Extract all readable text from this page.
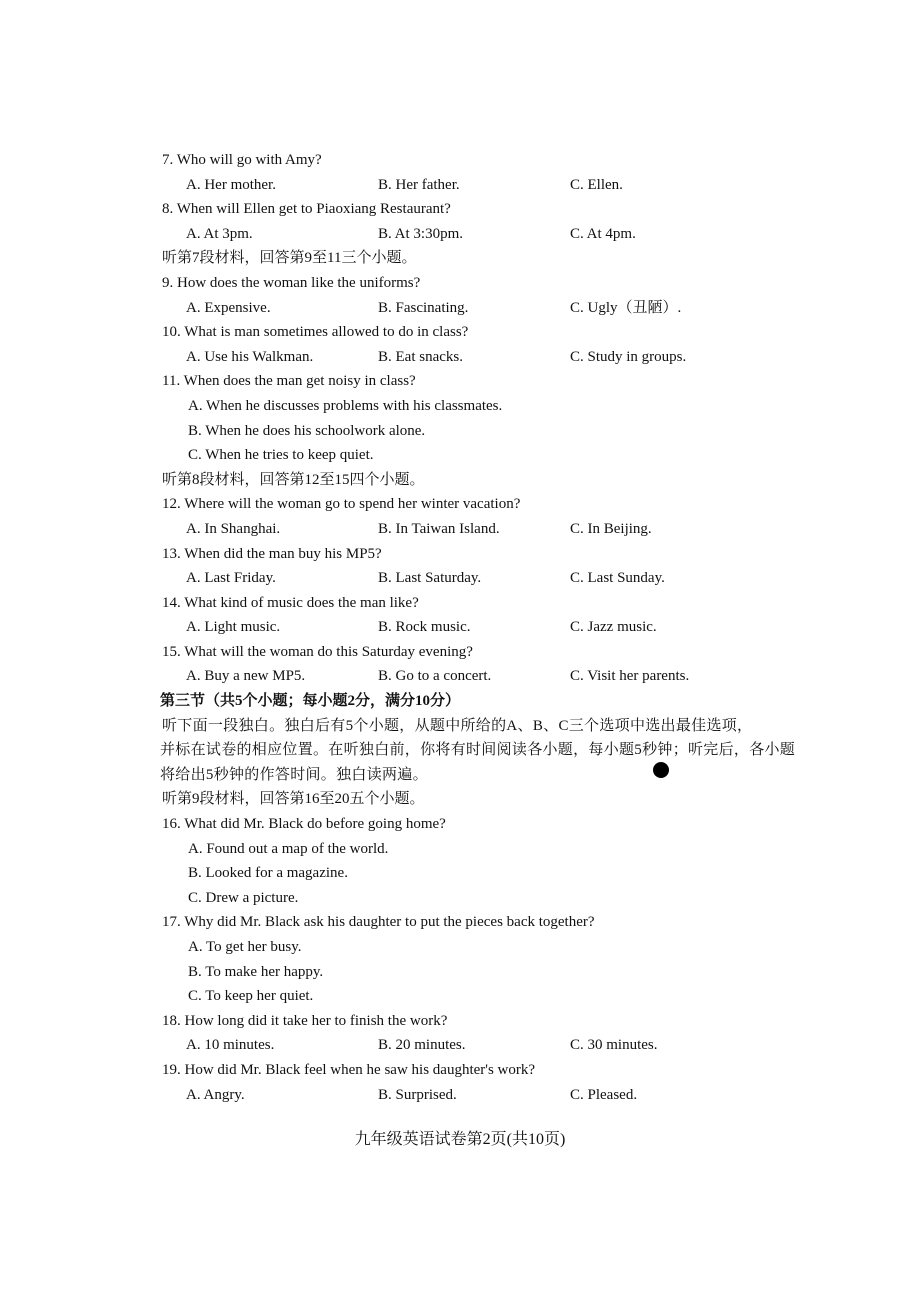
7. Who will go with Amy?
A. Her mother.	B. Her father.	C. Ellen.
8. When will Ellen get to Piaoxiang Restaurant?
A. At 3pm.	B. At 3:30pm.	C. At 4pm.
听第7段材料，回答第9至11三个小题。
9. How does the woman like the uniforms?
A. Expensive.	B. Fascinating.	C. Ugly（丑陋）.
10. What is man sometimes allowed to do in class?
A. Use his Walkman.	B. Eat snacks.	C. Study in groups.
11. When does the man get noisy in class?
A. When he discusses problems with his classmates.
B. When he does his schoolwork alone.
C. When he tries to keep quiet.
听第8段材料，回答第12至15四个小题。
12. Where will the woman go to spend her winter vacation?
A. In Shanghai.	B. In Taiwan Island.	C. In Beijing.
13. When did the man buy his MP5?
A. Last Friday.	B. Last Saturday.	C. Last Sunday.
14. What kind of music does the man like?
A. Light music.	B. Rock music.	C. Jazz music.
15. What will the woman do this Saturday evening?
A. Buy a new MP5.	B. Go to a concert.	C. Visit her parents.
第三节（共5个小题；每小题2分，满分10分）
听下面一段独白。独白后有5个小题，从题中所给的A、B、C三个选项中选出最佳选项，
并标在试卷的相应位置。在听独白前，你将有时间阅读各小题，每小题5秒钟；听完后，各小题
将给出5秒钟的作答时间。独白读两遍。
听第9段材料，回答第16至20五个小题。
16. What did Mr. Black do before going home?
A. Found out a map of the world.
B. Looked for a magazine.
C. Drew a picture.
17. Why did Mr. Black ask his daughter to put the pieces back together?
A. To get her busy.
B. To make her happy.
C. To keep her quiet.
18. How long did it take her to finish the work?
A. 10 minutes.	B. 20 minutes.	C. 30 minutes.
19. How did Mr. Black feel when he saw his daughter's work?
A. Angry.	B. Surprised.	C. Pleased.
九年级英语试卷第2页(共10页)
